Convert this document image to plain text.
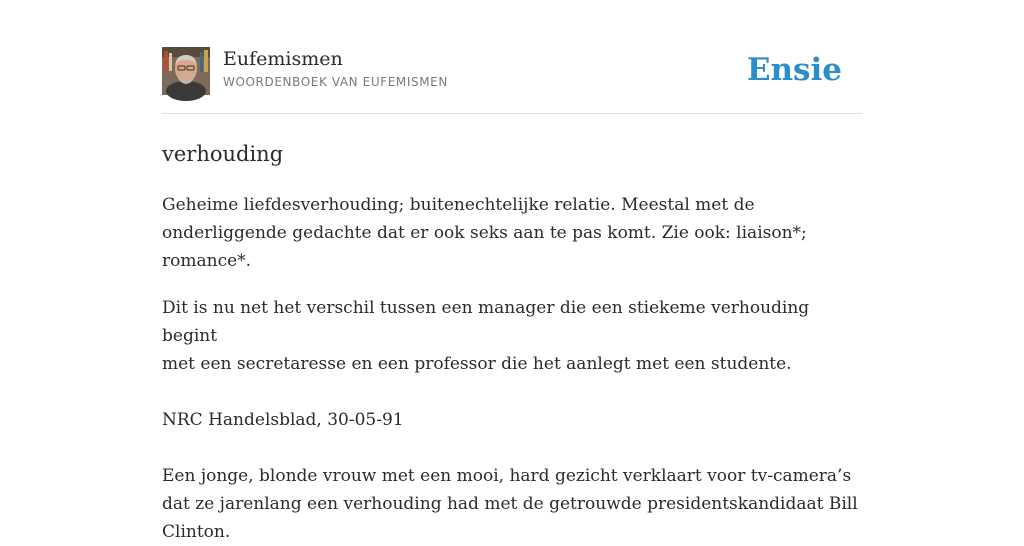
Eufemismen
WOORDENBOEK VAN EUFEMISMEN	Ensie
verhouding
Geheime liefdesverhouding; buitenechtelijke relatie. Meestal met de
onderliggende gedachte dat er ook seks aan te pas komt. Zie ook: liaison*;
romance*.

Dit is nu net het verschil tussen een manager die een stiekeme verhouding begint

met een secretaresse en een professor die het aanlegt met een studente.

NRC Handelsblad, 30-05-91

Een jonge, blonde vrouw met een mooi, hard gezicht verklaart voor tv-camera’s

dat ze jarenlang een verhouding had met de getrouwde presidentskandidaat Bill

Clinton.
